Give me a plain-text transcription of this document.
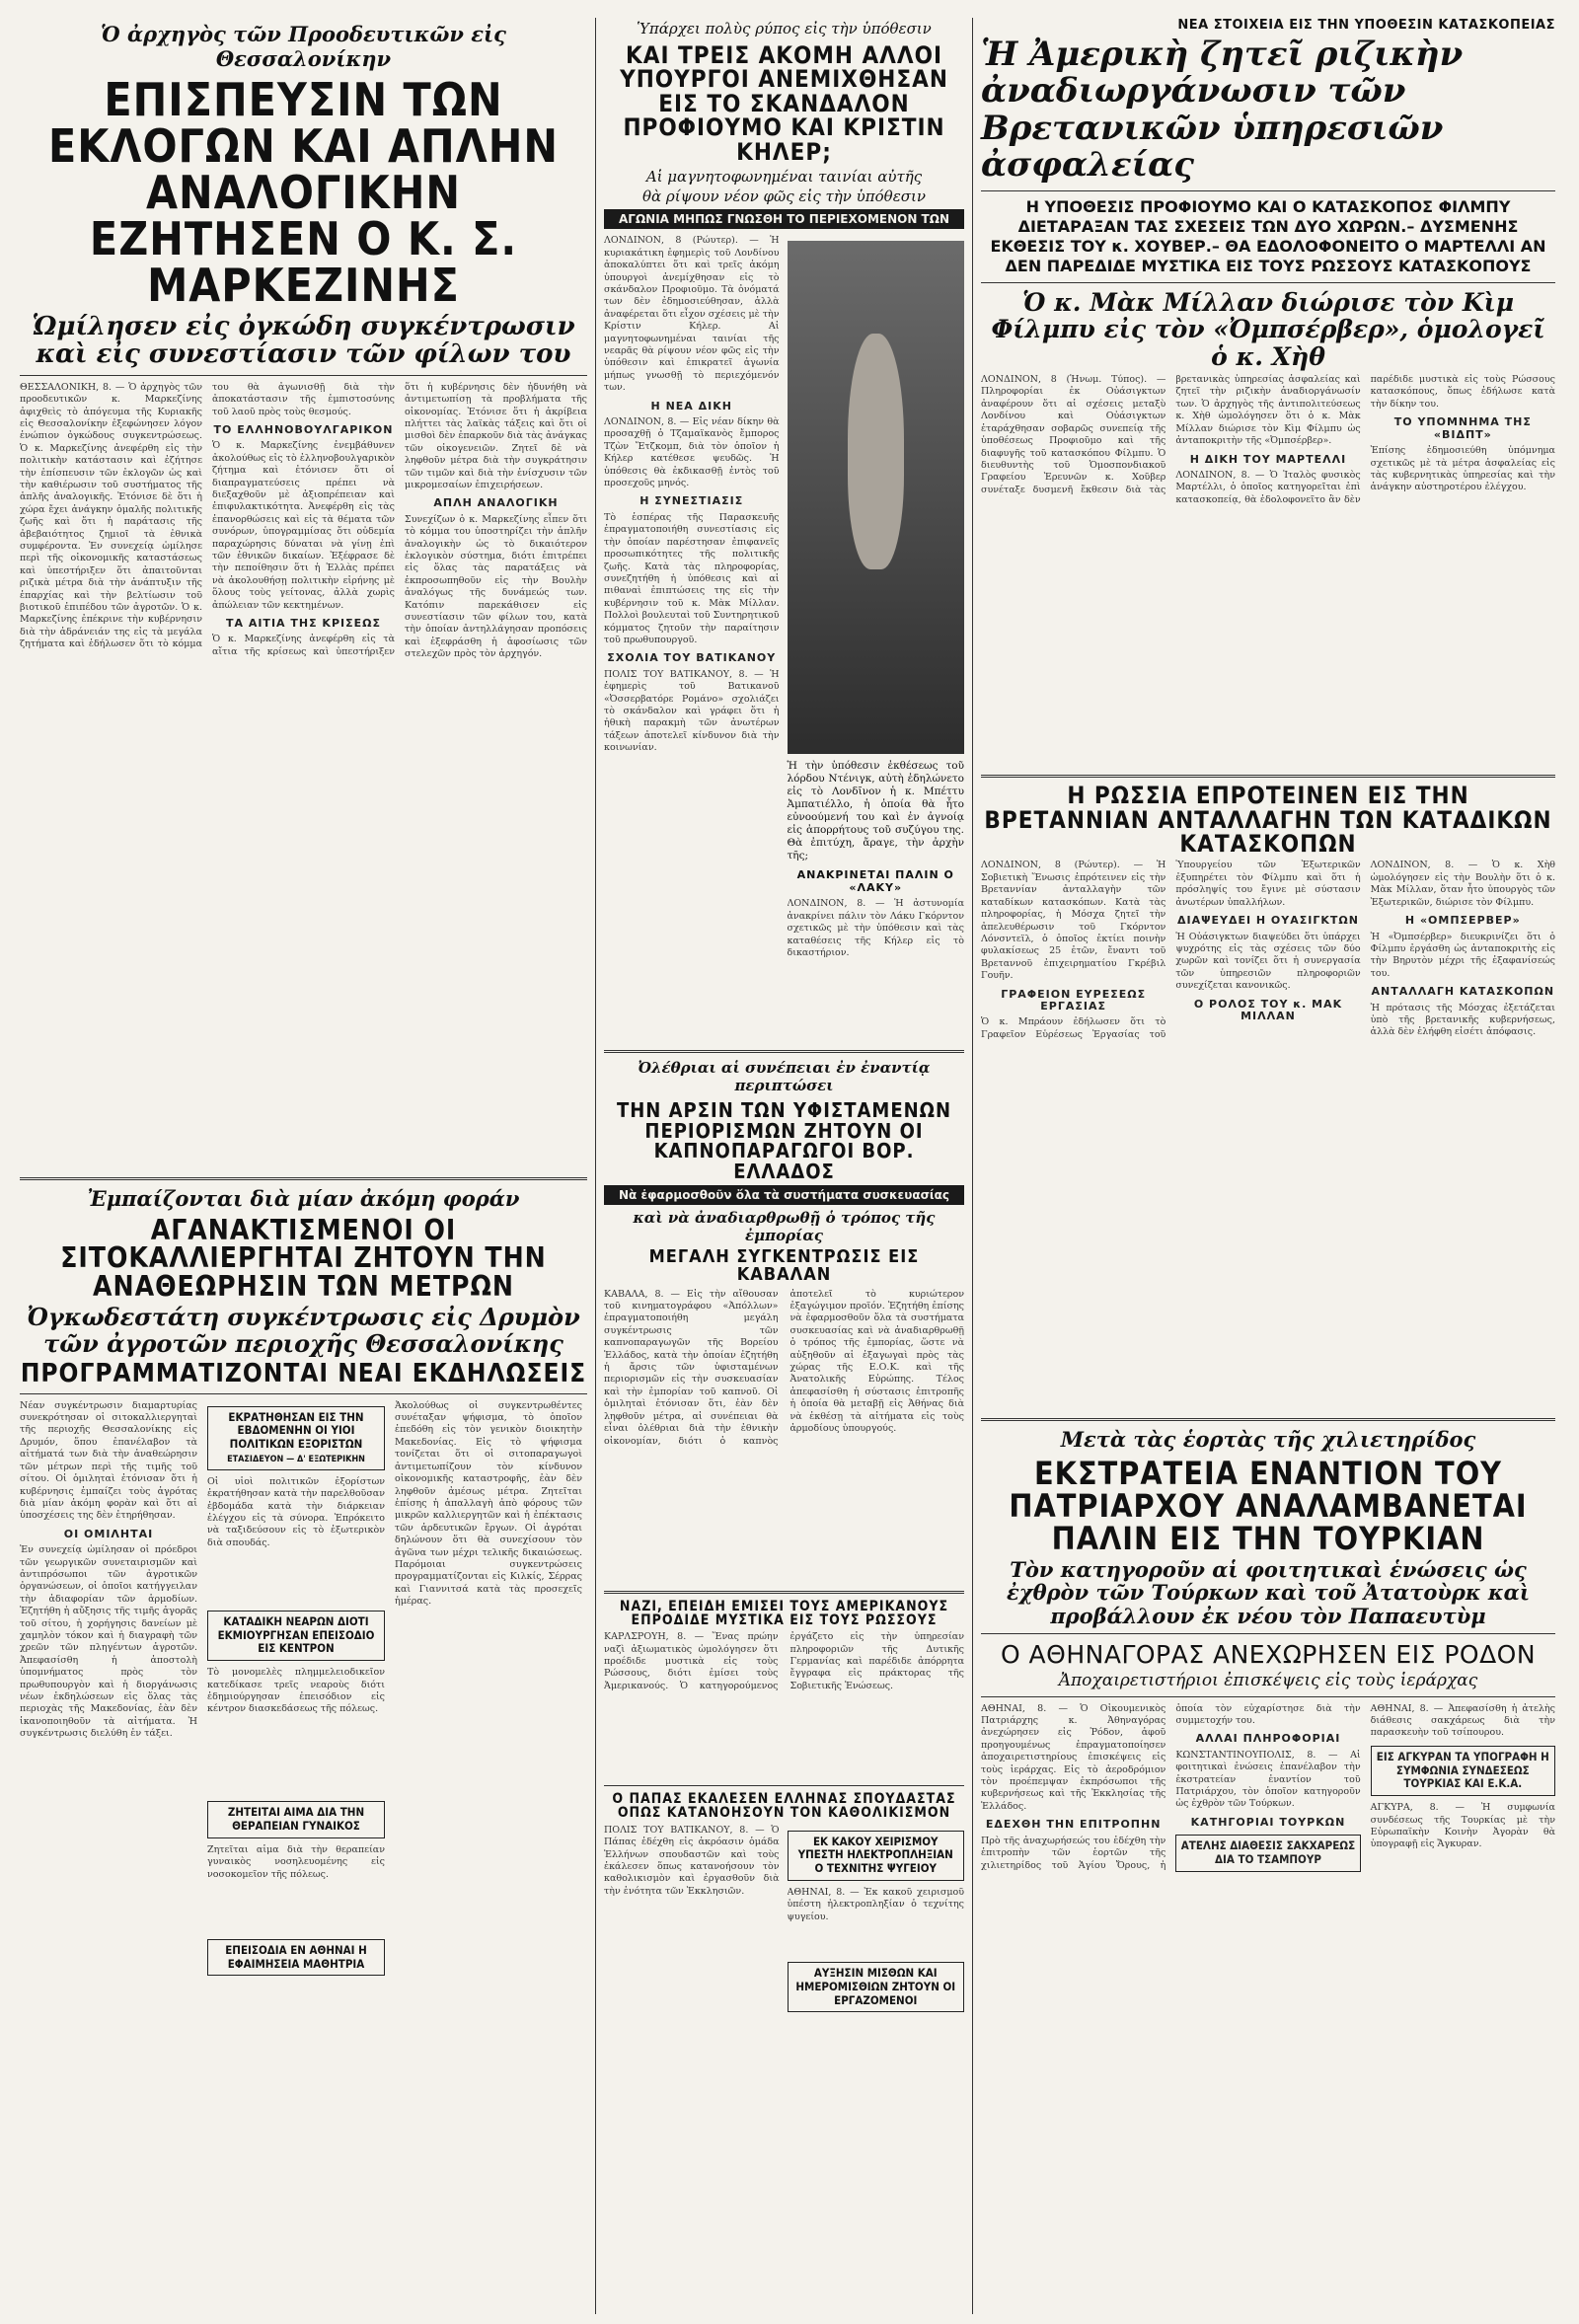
Ὁ ἀρχηγὸς τῶν Προοδευτικῶν εἰς Θεσσαλονίκην
ΕΠΙΣΠΕΥΣΙΝ ΤΩΝ ΕΚΛΟΓΩΝ ΚΑΙ ΑΠΛΗΝ ΑΝΑΛΟΓΙΚΗΝ ΕΖΗΤΗΣΕΝ Ο Κ. Σ. ΜΑΡΚΕΖΙΝΗΣ
Ὡμίλησεν εἰς ὀγκώδη συγκέντρωσιν καὶ εἰς συνεστίασιν τῶν φίλων του
ΘΕΣΣΑΛΟΝΙΚΗ, 8. — Ὁ ἀρχηγὸς τῶν προοδευτικῶν κ. Μαρκεζίνης ἀφιχθεὶς τὸ ἀπόγευμα τῆς Κυριακῆς εἰς Θεσσαλονίκην ἐξεφώνησεν λόγον ἐνώπιον ὀγκώδους συγκεντρώσεως. Ὁ κ. Μαρκεζίνης ἀνεφέρθη εἰς τὴν πολιτικὴν κατάστασιν καὶ ἐζήτησε τὴν ἐπίσπευσιν τῶν ἐκλογῶν ὡς καὶ τὴν καθιέρωσιν τοῦ συστήματος τῆς ἁπλῆς ἀναλογικῆς. Ἐτόνισε δὲ ὅτι ἡ χώρα ἔχει ἀνάγκην ὁμαλῆς πολιτικῆς ζωῆς καὶ ὅτι ἡ παράτασις τῆς ἀβεβαιότητος ζημιοῖ τὰ ἐθνικὰ συμφέροντα. Ἐν συνεχείᾳ ὡμίλησε περὶ τῆς οἰκονομικῆς καταστάσεως καὶ ὑπεστήριξεν ὅτι ἀπαιτοῦνται ριζικὰ μέτρα διὰ τὴν ἀνάπτυξιν τῆς ἐπαρχίας καὶ τὴν βελτίωσιν τοῦ βιοτικοῦ ἐπιπέδου τῶν ἀγροτῶν. Ὁ κ. Μαρκεζίνης ἐπέκρινε τὴν κυβέρνησιν διὰ τὴν ἀδράνειάν της εἰς τὰ μεγάλα ζητήματα καὶ ἐδήλωσεν ὅτι τὸ κόμμα του θὰ ἀγωνισθῇ διὰ τὴν ἀποκατάστασιν τῆς ἐμπιστοσύνης τοῦ λαοῦ πρὸς τοὺς θεσμούς.
ΤΟ ΕΛΛΗΝΟΒΟΥΛΓΑΡΙΚΟΝ
Ὁ κ. Μαρκεζίνης ἐνεμβάθυνεν ἀκολούθως εἰς τὸ ἑλληνοβουλγαρικὸν ζήτημα καὶ ἐτόνισεν ὅτι οἱ διαπραγματεύσεις πρέπει νὰ διεξαχθοῦν μὲ ἀξιοπρέπειαν καὶ ἐπιφυλακτικότητα. Ἀνεφέρθη εἰς τὰς ἐπανορθώσεις καὶ εἰς τὰ θέματα τῶν συνόρων, ὑπογραμμίσας ὅτι οὐδεμία παραχώρησις δύναται νὰ γίνῃ ἐπὶ τῶν ἐθνικῶν δικαίων. Ἐξέφρασε δὲ τὴν πεποίθησιν ὅτι ἡ Ἑλλὰς πρέπει νὰ ἀκολουθήσῃ πολιτικὴν εἰρήνης μὲ ὅλους τοὺς γείτονας, ἀλλὰ χωρὶς ἀπώλειαν τῶν κεκτημένων.
ΤΑ ΑΙΤΙΑ ΤΗΣ ΚΡΙΣΕΩΣ
Ὁ κ. Μαρκεζίνης ἀνεφέρθη εἰς τὰ αἴτια τῆς κρίσεως καὶ ὑπεστήριξεν ὅτι ἡ κυβέρνησις δὲν ἠδυνήθη νὰ ἀντιμετωπίσῃ τὰ προβλήματα τῆς οἰκονομίας. Ἐτόνισε ὅτι ἡ ἀκρίβεια πλήττει τὰς λαϊκὰς τάξεις καὶ ὅτι οἱ μισθοὶ δὲν ἐπαρκοῦν διὰ τὰς ἀνάγκας τῶν οἰκογενειῶν. Ζητεῖ δὲ νὰ ληφθοῦν μέτρα διὰ τὴν συγκράτησιν τῶν τιμῶν καὶ διὰ τὴν ἐνίσχυσιν τῶν μικρομεσαίων ἐπιχειρήσεων.
ΑΠΛΗ ΑΝΑΛΟΓΙΚΗ
Συνεχίζων ὁ κ. Μαρκεζίνης εἶπεν ὅτι τὸ κόμμα του ὑποστηρίζει τὴν ἁπλῆν ἀναλογικὴν ὡς τὸ δικαιότερον ἐκλογικὸν σύστημα, διότι ἐπιτρέπει εἰς ὅλας τὰς παρατάξεις νὰ ἐκπροσωπηθοῦν εἰς τὴν Βουλὴν ἀναλόγως τῆς δυνάμεώς των. Κατόπιν παρεκάθισεν εἰς συνεστίασιν τῶν φίλων του, κατὰ τὴν ὁποίαν ἀντηλλάγησαν προπόσεις καὶ ἐξεφράσθη ἡ ἀφοσίωσις τῶν στελεχῶν πρὸς τὸν ἀρχηγόν.
Ἐμπαίζονται διὰ μίαν ἀκόμη φοράν
ΑΓΑΝΑΚΤΙΣΜΕΝΟΙ ΟΙ ΣΙΤΟΚΑΛΛΙΕΡΓΗΤΑΙ ΖΗΤΟΥΝ ΤΗΝ ΑΝΑΘΕΩΡΗΣΙΝ ΤΩΝ ΜΕΤΡΩΝ
Ὀγκωδεστάτη συγκέντρωσις εἰς Δρυμὸν τῶν ἀγροτῶν περιοχῆς Θεσσαλονίκης
ΠΡΟΓΡΑΜΜΑΤΙΖΟΝΤΑΙ ΝΕΑΙ ΕΚΔΗΛΩΣΕΙΣ
Νέαν συγκέντρωσιν διαμαρτυρίας συνεκρότησαν οἱ σιτοκαλλιεργηταὶ τῆς περιοχῆς Θεσσαλονίκης εἰς Δρυμόν, ὅπου ἐπανέλαβον τὰ αἰτήματά των διὰ τὴν ἀναθεώρησιν τῶν μέτρων περὶ τῆς τιμῆς τοῦ σίτου. Οἱ ὁμιληταὶ ἐτόνισαν ὅτι ἡ κυβέρνησις ἐμπαίζει τοὺς ἀγρότας διὰ μίαν ἀκόμη φορὰν καὶ ὅτι αἱ ὑποσχέσεις της δὲν ἐτηρήθησαν.
ΟΙ ΟΜΙΛΗΤΑΙ
Ἐν συνεχείᾳ ὡμίλησαν οἱ πρόεδροι τῶν γεωργικῶν συνεταιρισμῶν καὶ ἀντιπρόσωποι τῶν ἀγροτικῶν ὀργανώσεων, οἱ ὁποῖοι κατήγγειλαν τὴν ἀδιαφορίαν τῶν ἁρμοδίων. Ἐζητήθη ἡ αὔξησις τῆς τιμῆς ἀγορᾶς τοῦ σίτου, ἡ χορήγησις δανείων μὲ χαμηλὸν τόκον καὶ ἡ διαγραφὴ τῶν χρεῶν τῶν πληγέντων ἀγροτῶν. Ἀπεφασίσθη ἡ ἀποστολὴ ὑπομνήματος πρὸς τὸν πρωθυπουργὸν καὶ ἡ διοργάνωσις νέων ἐκδηλώσεων εἰς ὅλας τὰς περιοχὰς τῆς Μακεδονίας, ἐὰν δὲν ἱκανοποιηθοῦν τὰ αἰτήματα. Ἡ συγκέντρωσις διελύθη ἐν τάξει.
ΕΚΡΑΤΗΘΗΣΑΝ ΕΙΣ ΤΗΝ ΕΒΔΟΜΕΝΗΝ ΟΙ ΥΙΟΙ ΠΟΛΙΤΙΚΩΝ ΕΞΟΡΙΣΤΩΝ
ΕΤΑΣΙΔΕΥΟΝ — Δ' ΕΞΩΤΕΡΙΚΗΝ
Οἱ υἱοὶ πολιτικῶν ἐξορίστων ἐκρατήθησαν κατὰ τὴν παρελθοῦσαν ἑβδομάδα κατὰ τὴν διάρκειαν ἐλέγχου εἰς τὰ σύνορα. Ἐπρόκειτο νὰ ταξιδεύσουν εἰς τὸ ἐξωτερικὸν διὰ σπουδάς.
ΚΑΤΑΔΙΚΗ ΝΕΑΡΩΝ ΔΙΟΤΙ ΕΚΜΙΟΥΡΓΗΣΑΝ ΕΠΕΙΣΟΔΙΟ ΕΙΣ ΚΕΝΤΡΟΝ
Τὸ μονομελὲς πλημμελειοδικεῖον κατεδίκασε τρεῖς νεαροὺς διότι ἐδημιούργησαν ἐπεισόδιον εἰς κέντρον διασκεδάσεως τῆς πόλεως.
ΖΗΤΕΙΤΑΙ ΑΙΜΑ ΔΙΑ ΤΗΝ ΘΕΡΑΠΕΙΑΝ ΓΥΝΑΙΚΟΣ
Ζητεῖται αἷμα διὰ τὴν θεραπείαν γυναικὸς νοσηλευομένης εἰς νοσοκομεῖον τῆς πόλεως.
ΕΠΕΙΣΟΔΙΑ ΕΝ ΑΘΗΝΑΙ Η ΕΦΑΙΜΗΣΕΙΑ ΜΑΘΗΤΡΙΑ
Ἀκολούθως οἱ συγκεντρωθέντες συνέταξαν ψήφισμα, τὸ ὁποῖον ἐπεδόθη εἰς τὸν γενικὸν διοικητὴν Μακεδονίας. Εἰς τὸ ψήφισμα τονίζεται ὅτι οἱ σιτοπαραγωγοὶ ἀντιμετωπίζουν τὸν κίνδυνον οἰκονομικῆς καταστροφῆς, ἐὰν δὲν ληφθοῦν ἀμέσως μέτρα. Ζητεῖται ἐπίσης ἡ ἀπαλλαγὴ ἀπὸ φόρους τῶν μικρῶν καλλιεργητῶν καὶ ἡ ἐπέκτασις τῶν ἀρδευτικῶν ἔργων. Οἱ ἀγρόται δηλώνουν ὅτι θὰ συνεχίσουν τὸν ἀγῶνα των μέχρι τελικῆς δικαιώσεως. Παρόμοιαι συγκεντρώσεις προγραμματίζονται εἰς Κιλκίς, Σέρρας καὶ Γιαννιτσά κατὰ τὰς προσεχεῖς ἡμέρας.
Ὑπάρχει πολὺς ρύπος εἰς τὴν ὑπόθεσιν
ΚΑΙ ΤΡΕΙΣ ΑΚΟΜΗ ΑΛΛΟΙ ΥΠΟΥΡΓΟΙ ΑΝΕΜΙΧΘΗΣΑΝ ΕΙΣ ΤΟ ΣΚΑΝΔΑΛΟΝ ΠΡΟΦΙΟΥΜΟ ΚΑΙ ΚΡΙΣΤΙΝ ΚΗΛΕΡ;
Αἱ μαγνητοφωνημέναι ταινίαι αὐτῆς
θὰ ρίψουν νέον φῶς εἰς τὴν ὑπόθεσιν
ΑΓΩΝΙΑ ΜΗΠΩΣ ΓΝΩΣΘΗ ΤΟ ΠΕΡΙΕΧΟΜΕΝΟΝ ΤΩΝ
ΛΟΝΔΙΝΟΝ, 8 (Ρώυτερ). — Ἡ κυριακάτικη ἐφημερὶς τοῦ Λονδίνου ἀποκαλύπτει ὅτι καὶ τρεῖς ἀκόμη ὑπουργοὶ ἀνεμίχθησαν εἰς τὸ σκάνδαλον Προφιοῦμο. Τὰ ὀνόματά των δὲν ἐδημοσιεύθησαν, ἀλλὰ ἀναφέρεται ὅτι εἶχον σχέσεις μὲ τὴν Κρίστιν Κήλερ. Αἱ μαγνητοφωνημέναι ταινίαι τῆς νεαρᾶς θὰ ρίψουν νέον φῶς εἰς τὴν ὑπόθεσιν καὶ ἐπικρατεῖ ἀγωνία μήπως γνωσθῇ τὸ περιεχόμενόν των.
Η ΝΕΑ ΔΙΚΗ
ΛΟΝΔΙΝΟΝ, 8. — Εἰς νέαν δίκην θὰ προσαχθῇ ὁ Τζαμαϊκανὸς ἔμπορος Τζὼν Ἔτζκομπ, διὰ τὸν ὁποῖον ἡ Κήλερ κατέθεσε ψευδῶς. Ἡ ὑπόθεσις θὰ ἐκδικασθῇ ἐντὸς τοῦ προσεχοῦς μηνός.
Η ΣΥΝΕΣΤΙΑΣΙΣ
Τὸ ἑσπέρας τῆς Παρασκευῆς ἐπραγματοποιήθη συνεστίασις εἰς τὴν ὁποίαν παρέστησαν ἐπιφανεῖς προσωπικότητες τῆς πολιτικῆς ζωῆς. Κατὰ τὰς πληροφορίας, συνεζητήθη ἡ ὑπόθεσις καὶ αἱ πιθαναὶ ἐπιπτώσεις της εἰς τὴν κυβέρνησιν τοῦ κ. Μὰκ Μίλλαν. Πολλοὶ βουλευταὶ τοῦ Συντηρητικοῦ κόμματος ζητοῦν τὴν παραίτησιν τοῦ πρωθυπουργοῦ.
ΣΧΟΛΙΑ ΤΟΥ ΒΑΤΙΚΑΝΟΥ
ΠΟΛΙΣ ΤΟΥ ΒΑΤΙΚΑΝΟΥ, 8. — Ἡ ἐφημερὶς τοῦ Βατικανοῦ «Ὀσσερβατόρε Ρομάνο» σχολιάζει τὸ σκάνδαλον καὶ γράφει ὅτι ἡ ἠθικὴ παρακμὴ τῶν ἀνωτέρων τάξεων ἀποτελεῖ κίνδυνον διὰ τὴν κοινωνίαν.
Ἡ τὴν ὑπόθεσιν ἐκθέσεως τοῦ λόρδου Ντένιγκ, αὐτὴ ἐδηλώνετο εἰς τὸ Λονδῖνον ἡ κ. Μπέττυ Ἀμπατιέλλο, ἡ ὁποία θὰ ἦτο εὐνοούμενή του καὶ ἐν ἀγνοίᾳ εἰς ἀπορρήτους τοῦ συζύγου της. Θὰ ἐπιτύχη, ἄραγε, τὴν ἀρχὴν τῆς;
ΑΝΑΚΡΙΝΕΤΑΙ ΠΑΛΙΝ Ο «ΛΑΚΥ»
ΛΟΝΔΙΝΟΝ, 8. — Ἡ ἀστυνομία ἀνακρίνει πάλιν τὸν Λάκυ Γκόρντον σχετικῶς μὲ τὴν ὑπόθεσιν καὶ τὰς καταθέσεις τῆς Κήλερ εἰς τὸ δικαστήριον.
Ὀλέθριαι αἱ συνέπειαι ἐν ἐναντίᾳ περιπτώσει
ΤΗΝ ΑΡΣΙΝ ΤΩΝ ΥΦΙΣΤΑΜΕΝΩΝ ΠΕΡΙΟΡΙΣΜΩΝ ΖΗΤΟΥΝ ΟΙ ΚΑΠΝΟΠΑΡΑΓΩΓΟΙ ΒΟΡ. ΕΛΛΑΔΟΣ
Νὰ ἐφαρμοσθοῦν ὅλα τὰ συστήματα συσκευασίας
καὶ νὰ ἀναδιαρθρωθῇ ὁ τρόπος τῆς ἐμπορίας
ΜΕΓΑΛΗ ΣΥΓΚΕΝΤΡΩΣΙΣ ΕΙΣ ΚΑΒΑΛΑΝ
ΚΑΒΑΛΑ, 8. — Εἰς τὴν αἴθουσαν τοῦ κινηματογράφου «Ἀπόλλων» ἐπραγματοποιήθη μεγάλη συγκέντρωσις τῶν καπνοπαραγωγῶν τῆς Βορείου Ἑλλάδος, κατὰ τὴν ὁποίαν ἐζητήθη ἡ ἄρσις τῶν ὑφισταμένων περιορισμῶν εἰς τὴν συσκευασίαν καὶ τὴν ἐμπορίαν τοῦ καπνοῦ. Οἱ ὁμιληταὶ ἐτόνισαν ὅτι, ἐὰν δὲν ληφθοῦν μέτρα, αἱ συνέπειαι θὰ εἶναι ὀλέθριαι διὰ τὴν ἐθνικὴν οἰκονομίαν, διότι ὁ καπνὸς ἀποτελεῖ τὸ κυριώτερον ἐξαγώγιμον προϊόν. Ἐζητήθη ἐπίσης νὰ ἐφαρμοσθοῦν ὅλα τὰ συστήματα συσκευασίας καὶ νὰ ἀναδιαρθρωθῇ ὁ τρόπος τῆς ἐμπορίας, ὥστε νὰ αὐξηθοῦν αἱ ἐξαγωγαὶ πρὸς τὰς χώρας τῆς Ε.Ο.Κ. καὶ τῆς Ἀνατολικῆς Εὐρώπης. Τέλος ἀπεφασίσθη ἡ σύστασις ἐπιτροπῆς ἡ ὁποία θὰ μεταβῇ εἰς Ἀθήνας διὰ νὰ ἐκθέσῃ τὰ αἰτήματα εἰς τοὺς ἁρμοδίους ὑπουργούς.
ΝΑΖΙ, ΕΠΕΙΔΗ ΕΜΙΣΕΙ ΤΟΥΣ ΑΜΕΡΙΚΑΝΟΥΣ ΕΠΡΟΔΙΔΕ ΜΥΣΤΙΚΑ ΕΙΣ ΤΟΥΣ ΡΩΣΣΟΥΣ
ΚΑΡΛΣΡΟΥΗ, 8. — Ἕνας πρώην ναζὶ ἀξιωματικὸς ὡμολόγησεν ὅτι προέδιδε μυστικὰ εἰς τοὺς Ρώσσους, διότι ἐμίσει τοὺς Ἀμερικανούς. Ὁ κατηγορούμενος ἐργάζετο εἰς τὴν ὑπηρεσίαν πληροφοριῶν τῆς Δυτικῆς Γερμανίας καὶ παρέδιδε ἀπόρρητα ἔγγραφα εἰς πράκτορας τῆς Σοβιετικῆς Ἑνώσεως.
Ο ΠΑΠΑΣ ΕΚΑΛΕΣΕΝ ΕΛΛΗΝΑΣ ΣΠΟΥΔΑΣΤΑΣ ΟΠΩΣ ΚΑΤΑΝΟΗΣΟΥΝ ΤΟΝ ΚΑΘΟΛΙΚΙΣΜΟΝ
ΠΟΛΙΣ ΤΟΥ ΒΑΤΙΚΑΝΟΥ, 8. — Ὁ Πάπας ἐδέχθη εἰς ἀκρόασιν ὁμάδα Ἑλλήνων σπουδαστῶν καὶ τοὺς ἐκάλεσεν ὅπως κατανοήσουν τὸν καθολικισμὸν καὶ ἐργασθοῦν διὰ τὴν ἑνότητα τῶν Ἐκκλησιῶν.
ΕΚ ΚΑΚΟΥ ΧΕΙΡΙΣΜΟΥ ΥΠΕΣΤΗ ΗΛΕΚΤΡΟΠΛΗΞΙΑΝ Ο ΤΕΧΝΙΤΗΣ ΨΥΓΕΙΟΥ
ΑΘΗΝΑΙ, 8. — Ἐκ κακοῦ χειρισμοῦ ὑπέστη ἠλεκτροπληξίαν ὁ τεχνίτης ψυγείου.
ΑΥΞΗΣΙΝ ΜΙΣΘΩΝ ΚΑΙ ΗΜΕΡΟΜΙΣΘΙΩΝ ΖΗΤΟΥΝ ΟΙ ΕΡΓΑΖΟΜΕΝΟΙ
ΝΕΑ ΣΤΟΙΧΕΙΑ ΕΙΣ ΤΗΝ ΥΠΟΘΕΣΙΝ ΚΑΤΑΣΚΟΠΕΙΑΣ
Ἡ Ἀμερικὴ ζητεῖ ριζικὴν ἀναδιωργάνωσιν τῶν Βρετανικῶν ὑπηρεσιῶν ἀσφαλείας
Η ΥΠΟΘΕΣΙΣ ΠΡΟΦΙΟΥΜΟ ΚΑΙ Ο ΚΑΤΑΣΚΟΠΟΣ ΦΙΛΜΠΥ ΔΙΕΤΑΡΑΞΑΝ ΤΑΣ ΣΧΕΣΕΙΣ ΤΩΝ ΔΥΟ ΧΩΡΩΝ.– ΔΥΣΜΕΝΗΣ ΕΚΘΕΣΙΣ ΤΟΥ κ. ΧΟΥΒΕΡ.– ΘΑ ΕΔΟΛΟΦΟΝΕΙΤΟ Ο ΜΑΡΤΕΛΛΙ ΑΝ ΔΕΝ ΠΑΡΕΔΙΔΕ ΜΥΣΤΙΚΑ ΕΙΣ ΤΟΥΣ ΡΩΣΣΟΥΣ ΚΑΤΑΣΚΟΠΟΥΣ
Ὁ κ. Μὰκ Μίλλαν διώρισε τὸν Κὶμ Φίλμπυ εἰς τὸν «Ὀμπσέρβερ», ὁμολογεῖ ὁ κ. Χὴθ
ΛΟΝΔΙΝΟΝ, 8 (Ἡνωμ. Τύπος). — Πληροφορίαι ἐκ Οὐάσιγκτων ἀναφέρουν ὅτι αἱ σχέσεις μεταξὺ Λονδίνου καὶ Οὐάσιγκτων ἐταράχθησαν σοβαρῶς συνεπείᾳ τῆς ὑποθέσεως Προφιοῦμο καὶ τῆς διαφυγῆς τοῦ κατασκόπου Φίλμπυ. Ὁ διευθυντὴς τοῦ Ὁμοσπονδιακοῦ Γραφείου Ἐρευνῶν κ. Χοῦβερ συνέταξε δυσμενῆ ἔκθεσιν διὰ τὰς βρετανικὰς ὑπηρεσίας ἀσφαλείας καὶ ζητεῖ τὴν ριζικὴν ἀναδιοργάνωσίν των. Ὁ ἀρχηγὸς τῆς ἀντιπολιτεύσεως κ. Χὴθ ὡμολόγησεν ὅτι ὁ κ. Μὰκ Μίλλαν διώρισε τὸν Κὶμ Φίλμπυ ὡς ἀνταποκριτὴν τῆς «Ὀμπσέρβερ».
Η ΔΙΚΗ ΤΟΥ ΜΑΡΤΕΛΛΙ
ΛΟΝΔΙΝΟΝ, 8. — Ὁ Ἰταλὸς φυσικὸς Μαρτέλλι, ὁ ὁποῖος κατηγορεῖται ἐπὶ κατασκοπείᾳ, θὰ ἐδολοφονεῖτο ἂν δὲν παρέδιδε μυστικὰ εἰς τοὺς Ρώσσους κατασκόπους, ὅπως ἐδήλωσε κατὰ τὴν δίκην του.
ΤΟ ΥΠΟΜΝΗΜΑ ΤΗΣ «ΒΙΔΠΤ»
Ἐπίσης ἐδημοσιεύθη ὑπόμνημα σχετικῶς μὲ τὰ μέτρα ἀσφαλείας εἰς τὰς κυβερνητικὰς ὑπηρεσίας καὶ τὴν ἀνάγκην αὐστηροτέρου ἐλέγχου.
Η ΡΩΣΣΙΑ ΕΠΡΟΤΕΙΝΕΝ ΕΙΣ ΤΗΝ ΒΡΕΤΑΝΝΙΑΝ ΑΝΤΑΛΛΑΓΗΝ ΤΩΝ ΚΑΤΑΔΙΚΩΝ ΚΑΤΑΣΚΟΠΩΝ
ΛΟΝΔΙΝΟΝ, 8 (Ρώυτερ). — Ἡ Σοβιετικὴ Ἕνωσις ἐπρότεινεν εἰς τὴν Βρεταννίαν ἀνταλλαγὴν τῶν καταδίκων κατασκόπων. Κατὰ τὰς πληροφορίας, ἡ Μόσχα ζητεῖ τὴν ἀπελευθέρωσιν τοῦ Γκόρντον Λόνσντεϊλ, ὁ ὁποῖος ἐκτίει ποινὴν φυλακίσεως 25 ἐτῶν, ἔναντι τοῦ Βρεταννοῦ ἐπιχειρηματίου Γκρέβιλ Γουῆν.
ΓΡΑΦΕΙΟΝ ΕΥΡΕΣΕΩΣ ΕΡΓΑΣΙΑΣ
Ὁ κ. Μπράουν ἐδήλωσεν ὅτι τὸ Γραφεῖον Εὑρέσεως Ἐργασίας τοῦ Ὑπουργείου τῶν Ἐξωτερικῶν ἐξυπηρέτει τὸν Φίλμπυ καὶ ὅτι ἡ πρόσληψίς του ἔγινε μὲ σύστασιν ἀνωτέρων ὑπαλλήλων.
ΔΙΑΨΕΥΔΕΙ Η ΟΥΑΣΙΓΚΤΩΝ
Ἡ Οὐάσιγκτων διαψεύδει ὅτι ὑπάρχει ψυχρότης εἰς τὰς σχέσεις τῶν δύο χωρῶν καὶ τονίζει ὅτι ἡ συνεργασία τῶν ὑπηρεσιῶν πληροφοριῶν συνεχίζεται κανονικῶς.
Ο ΡΟΛΟΣ ΤΟΥ κ. ΜΑΚ ΜΙΛΛΑΝ
ΛΟΝΔΙΝΟΝ, 8. — Ὁ κ. Χὴθ ὡμολόγησεν εἰς τὴν Βουλὴν ὅτι ὁ κ. Μὰκ Μίλλαν, ὅταν ἦτο ὑπουργὸς τῶν Ἐξωτερικῶν, διώρισε τὸν Φίλμπυ.
Η «ΟΜΠΣΕΡΒΕΡ»
Ἡ «Ὀμπσέρβερ» διευκρινίζει ὅτι ὁ Φίλμπυ ἐργάσθη ὡς ἀνταποκριτὴς εἰς τὴν Βηρυτὸν μέχρι τῆς ἐξαφανίσεώς του.
ΑΝΤΑΛΛΑΓΗ ΚΑΤΑΣΚΟΠΩΝ
Ἡ πρότασις τῆς Μόσχας ἐξετάζεται ὑπὸ τῆς βρετανικῆς κυβερνήσεως, ἀλλὰ δὲν ἐλήφθη εἰσέτι ἀπόφασις.
Μετὰ τὰς ἑορτὰς τῆς χιλιετηρίδος
ΕΚΣΤΡΑΤΕΙΑ ΕΝΑΝΤΙΟΝ ΤΟΥ ΠΑΤΡΙΑΡΧΟΥ ΑΝΑΛΑΜΒΑΝΕΤΑΙ ΠΑΛΙΝ ΕΙΣ ΤΗΝ ΤΟΥΡΚΙΑΝ
Τὸν κατηγοροῦν αἱ φοιτητικαὶ ἑνώσεις ὡς ἐχθρὸν τῶν Τούρκων καὶ τοῦ Ἀτατοὺρκ καὶ προβάλλουν ἐκ νέου τὸν Παπαευτὺμ
Ο ΑΘΗΝΑΓΟΡΑΣ ΑΝΕΧΩΡΗΣΕΝ ΕΙΣ ΡΟΔΟΝ
Ἀποχαιρετιστήριοι ἐπισκέψεις εἰς τοὺς ἱεράρχας
ΑΘΗΝΑΙ, 8. — Ὁ Οἰκουμενικὸς Πατριάρχης κ. Ἀθηναγόρας ἀνεχώρησεν εἰς Ῥόδον, ἀφοῦ προηγουμένως ἐπραγματοποίησεν ἀποχαιρετιστηρίους ἐπισκέψεις εἰς τοὺς ἱεράρχας. Εἰς τὸ ἀεροδρόμιον τὸν προέπεμψαν ἐκπρόσωποι τῆς κυβερνήσεως καὶ τῆς Ἐκκλησίας τῆς Ἑλλάδος.
ΕΔΕΧΘΗ ΤΗΝ ΕΠΙΤΡΟΠΗΝ
Πρὸ τῆς ἀναχωρήσεώς του ἐδέχθη τὴν ἐπιτροπὴν τῶν ἑορτῶν τῆς χιλιετηρίδος τοῦ Ἁγίου Ὄρους, ἡ ὁποία τὸν εὐχαρίστησε διὰ τὴν συμμετοχήν του.
ΑΛΛΑΙ ΠΛΗΡΟΦΟΡΙΑΙ
ΚΩΝΣΤΑΝΤΙΝΟΥΠΟΛΙΣ, 8. — Αἱ φοιτητικαὶ ἑνώσεις ἐπανέλαβον τὴν ἐκστρατείαν ἐναντίον τοῦ Πατριάρχου, τὸν ὁποῖον κατηγοροῦν ὡς ἐχθρὸν τῶν Τούρκων.
ΚΑΤΗΓΟΡΙΑΙ ΤΟΥΡΚΩΝ
ΑΤΕΛΗΣ ΔΙΑΘΕΣΙΣ ΣΑΚΧΑΡΕΩΣ ΔΙΑ ΤΟ ΤΣΑΜΠΟΥΡ
ΑΘΗΝΑΙ, 8. — Ἀπεφασίσθη ἡ ἀτελὴς διάθεσις σακχάρεως διὰ τὴν παρασκευὴν τοῦ τσίπουρου.
ΕΙΣ ΑΓΚΥΡΑΝ ΤΑ ΥΠΟΓΡΑΦΗ Η ΣΥΜΦΩΝΙΑ ΣΥΝΔΕΣΕΩΣ ΤΟΥΡΚΙΑΣ ΚΑΙ Ε.Κ.Α.
ΑΓΚΥΡΑ, 8. — Ἡ συμφωνία συνδέσεως τῆς Τουρκίας μὲ τὴν Εὐρωπαϊκὴν Κοινὴν Ἀγορὰν θὰ ὑπογραφῇ εἰς Ἄγκυραν.
